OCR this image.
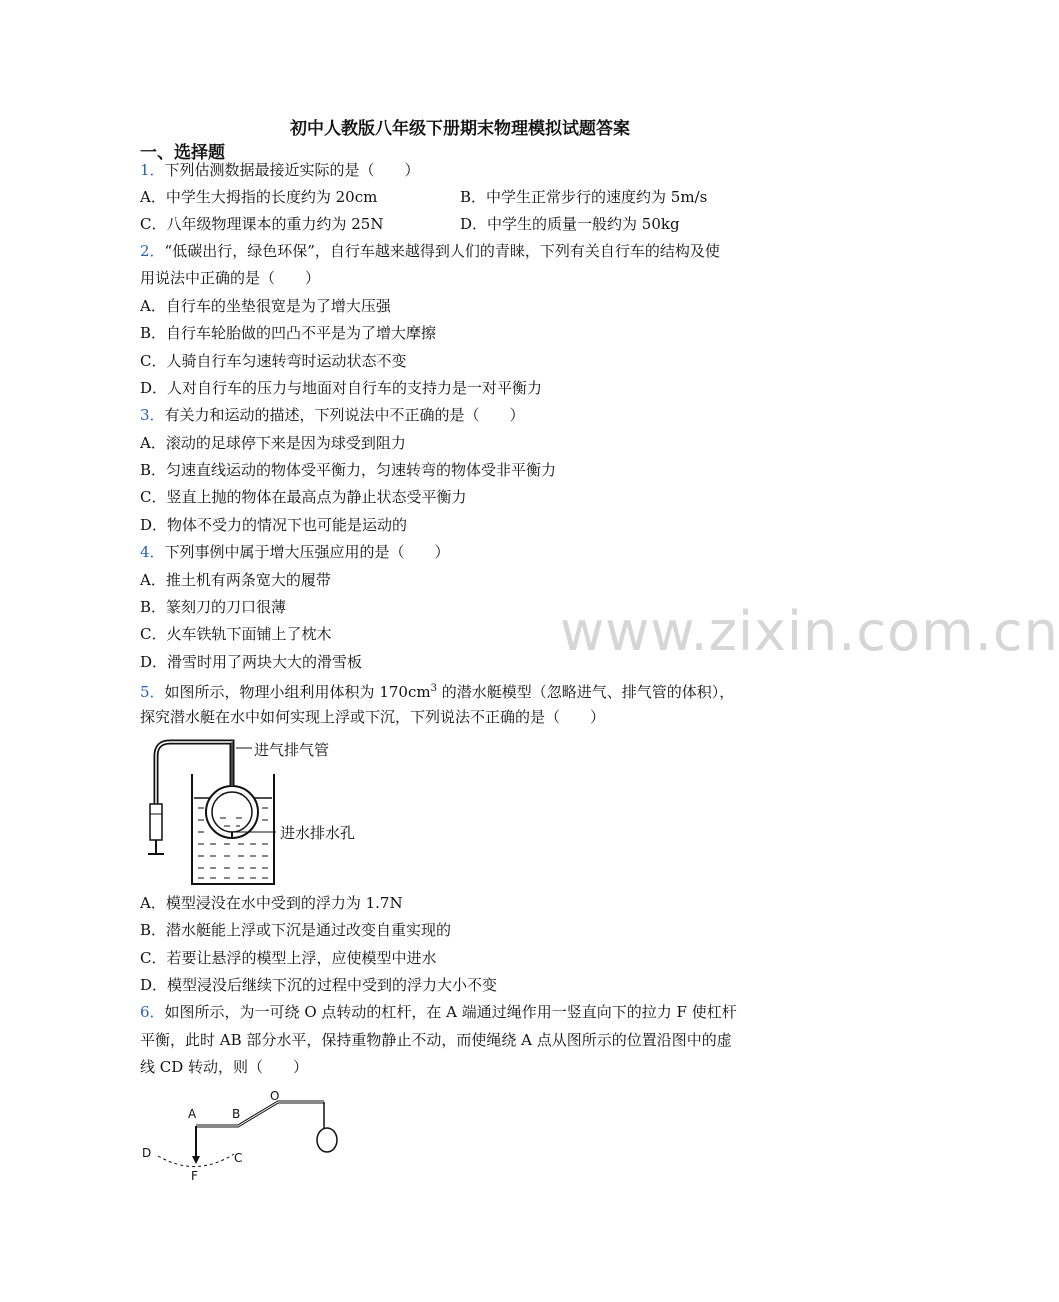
www.zixin.com.cn
初中人教版八年级下册期末物理模拟试题答案
一、选择题
1．下列估测数据最接近实际的是（　　）
A．中学生大拇指的长度约为 20cm	B．中学生正常步行的速度约为 5m/s
C．八年级物理课本的重力约为 25N	D．中学生的质量一般约为 50kg
2．“低碳出行，绿色环保”，自行车越来越得到人们的青睐，下列有关自行车的结构及使
用说法中正确的是（　　）
A．自行车的坐垫很宽是为了增大压强
B．自行车轮胎做的凹凸不平是为了增大摩擦
C．人骑自行车匀速转弯时运动状态不变
D．人对自行车的压力与地面对自行车的支持力是一对平衡力
3．有关力和运动的描述，下列说法中不正确的是（　　）
A．滚动的足球停下来是因为球受到阻力
B．匀速直线运动的物体受平衡力，匀速转弯的物体受非平衡力
C．竖直上抛的物体在最高点为静止状态受平衡力
D．物体不受力的情况下也可能是运动的
4．下列事例中属于增大压强应用的是（　　）
A．推土机有两条宽大的履带
B．篆刻刀的刀口很薄
C．火车铁轨下面铺上了枕木
D．滑雪时用了两块大大的滑雪板
5．如图所示，物理小组利用体积为 $170cm^3$ 的潜水艇模型（忽略进气、排气管的体积），
探究潜水艇在水中如何实现上浮或下沉，下列说法不正确的是（　　）
进气排气管
进水排水孔
A．模型浸没在水中受到的浮力为 1.7N
B．潜水艇能上浮或下沉是通过改变自重实现的
C．若要让悬浮的模型上浮，应使模型中进水
D．模型浸没后继续下沉的过程中受到的浮力大小不变
6．如图所示，为一可绕 O 点转动的杠杆，在 A 端通过绳作用一竖直向下的拉力 F 使杠杆
平衡，此时 AB 部分水平，保持重物静止不动，而使绳绕 A 点从图所示的位置沿图中的虚
线 CD 转动，则（　　）
A	B
O
D	C
F
